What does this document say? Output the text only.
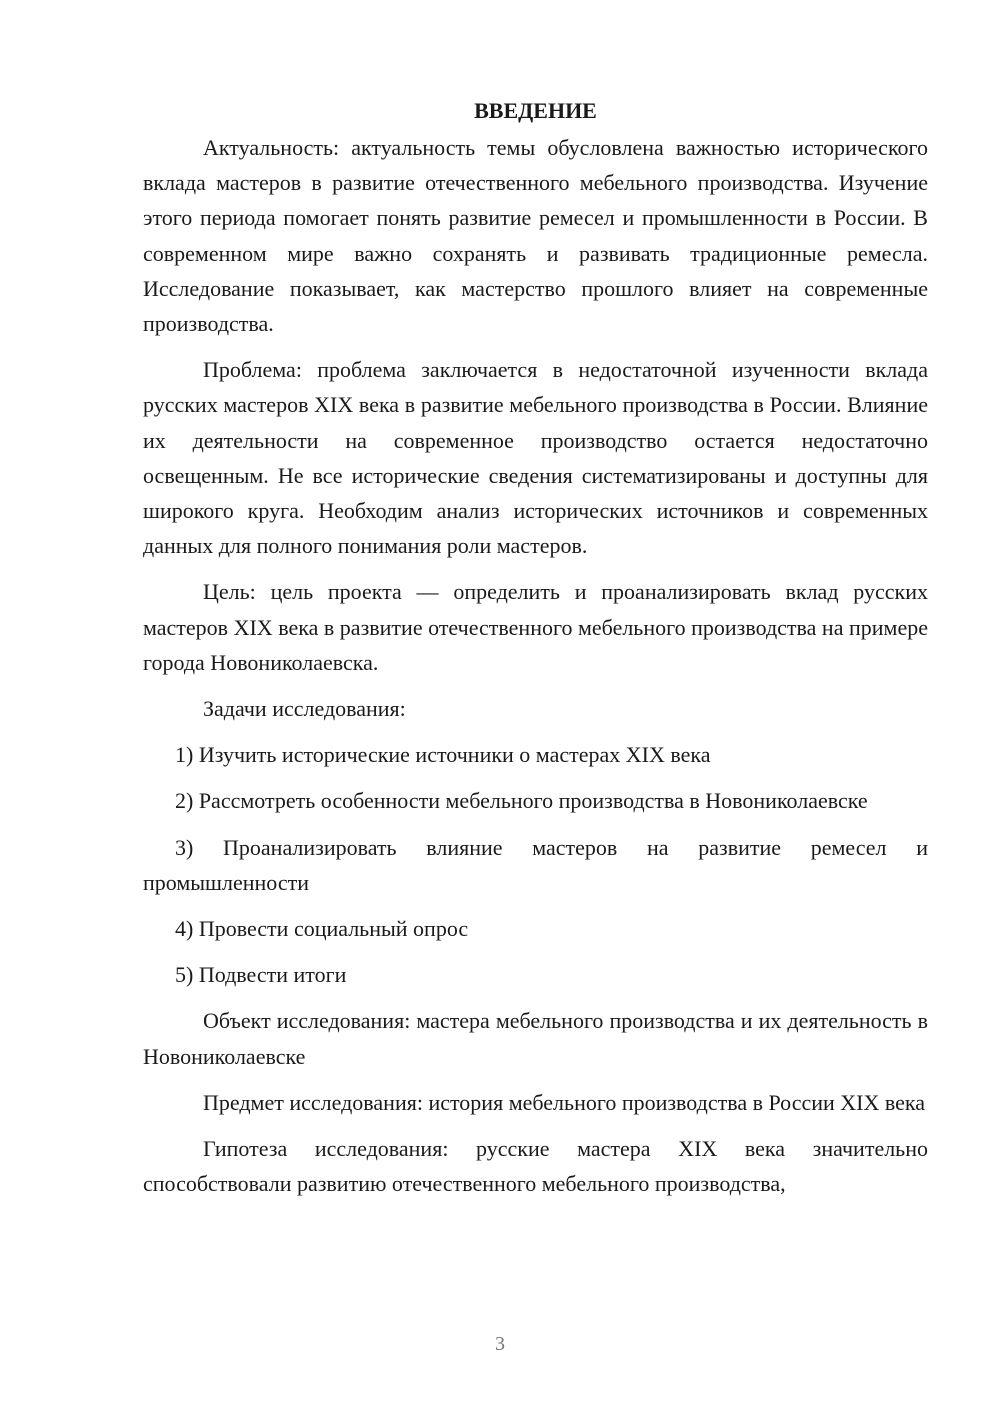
ВВЕДЕНИЕ

Актуальность: актуальность темы обусловлена важностью исторического вклада мастеров в развитие отечественного мебельного производства. Изучение этого периода помогает понять развитие ремесел и промышленности в России. В современном мире важно сохранять и развивать традиционные ремесла. Исследование показывает, как мастерство прошлого влияет на современные производства.

Проблема: проблема заключается в недостаточной изученности вклада русских мастеров XIX века в развитие мебельного производства в России. Влияние их деятельности на современное производство остается недостаточно освещенным. Не все исторические сведения систематизированы и доступны для широкого круга. Необходим анализ исторических источников и современных данных для полного понимания роли мастеров.

Цель: цель проекта — определить и проанализировать вклад русских мастеров XIX века в развитие отечественного мебельного производства на примере города Новониколаевска.

Задачи исследования:

1) Изучить исторические источники о мастерах XIX века

2) Рассмотреть особенности мебельного производства в Новониколаевске

3) Проанализировать влияние мастеров на развитие ремесел и промышленности

4) Провести социальный опрос

5) Подвести итоги

Объект исследования: мастера мебельного производства и их деятельность в Новониколаевске

Предмет исследования: история мебельного производства в России XIX века

Гипотеза исследования: русские мастера XIX века значительно способствовали развитию отечественного мебельного производства,

3
